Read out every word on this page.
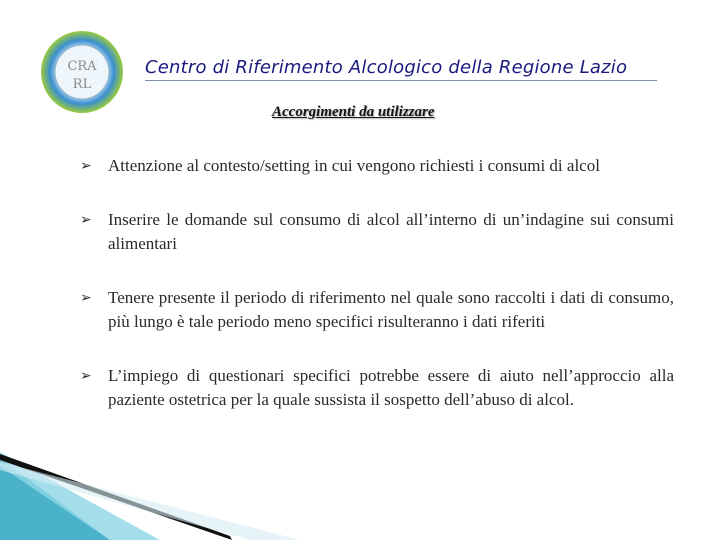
CRA
RL
Centro di Riferimento Alcologico della Regione Lazio
Accorgimenti da utilizzare
➢ Attenzione al contesto/setting in cui vengono richiesti i consumi di alcol
➢ Inserire le domande sul consumo di alcol all’interno di un’indagine sui consumi alimentari
➢ Tenere presente il periodo di riferimento nel quale sono raccolti i dati di consumo, più lungo è tale periodo meno specifici risulteranno i dati riferiti
➢ L’impiego di questionari specifici potrebbe essere di aiuto nell’approccio alla paziente ostetrica per la quale sussista il sospetto dell’abuso di alcol.
